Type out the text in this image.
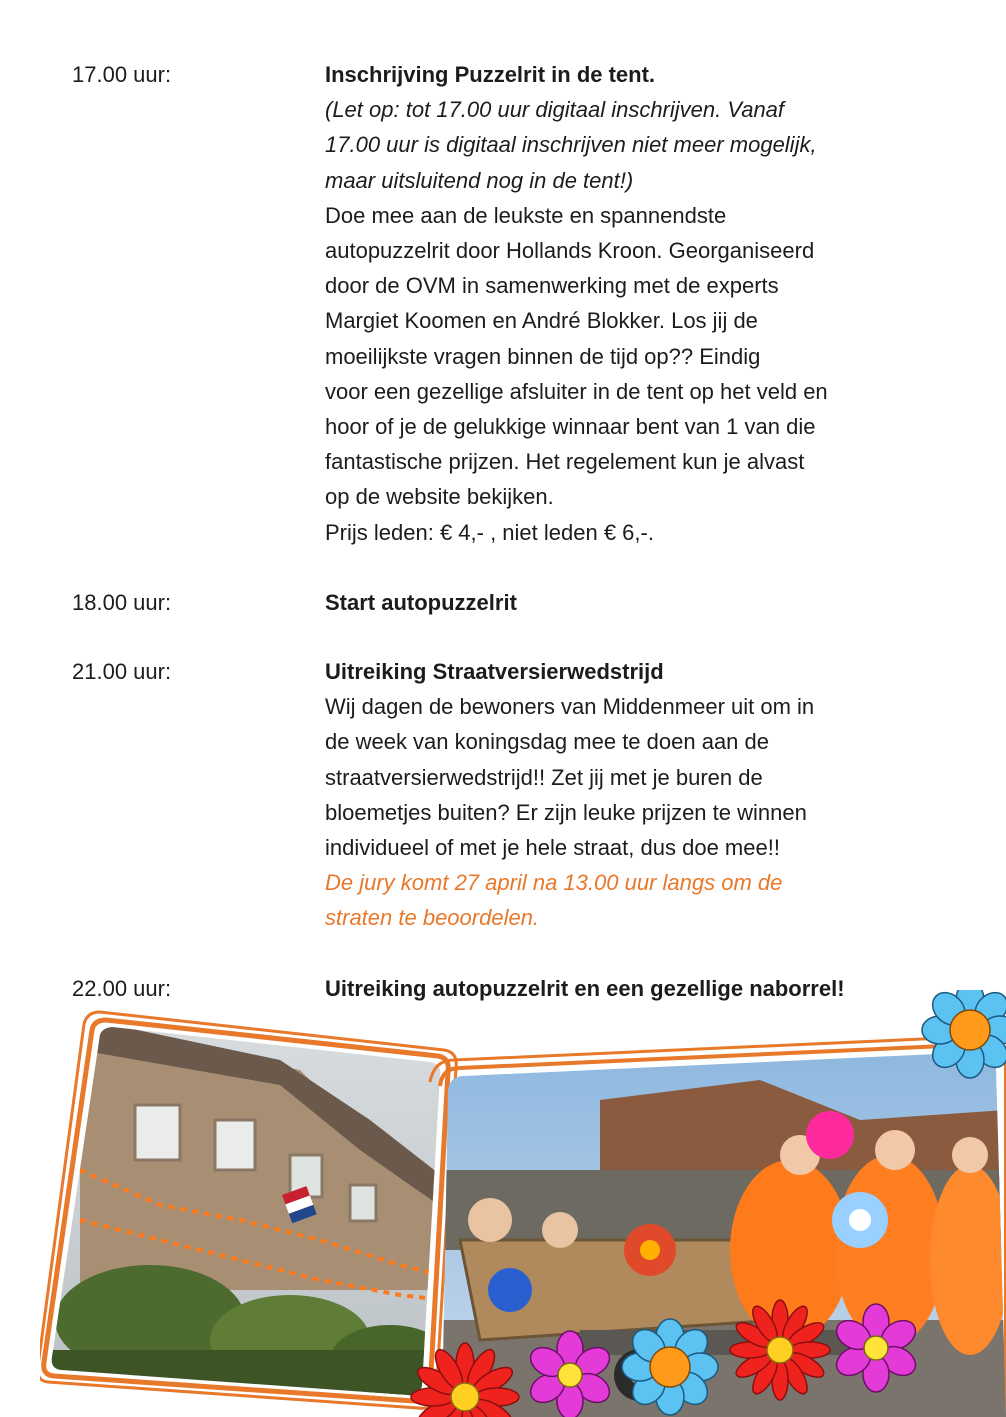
17.00 uur:	Inschrijving Puzzelrit in de tent.
(Let op: tot 17.00 uur digitaal inschrijven. Vanaf
17.00 uur is digitaal inschrijven niet meer mogelijk,
maar uitsluitend nog in de tent!)
Doe mee aan de leukste en spannendste
autopuzzelrit door Hollands Kroon. Georganiseerd
door de OVM in samenwerking met de experts
Margiet Koomen en André Blokker. Los jij de
moeilijkste vragen binnen de tijd op?? Eindig
voor een gezellige afsluiter in de tent op het veld en
hoor of je de gelukkige winnaar bent van 1 van die
fantastische prijzen. Het regelement kun je alvast
op de website bekijken.
Prijs leden: € 4,- , niet leden € 6,-.
18.00 uur:	Start autopuzzelrit
21.00 uur:	Uitreiking Straatversierwedstrijd
Wij dagen de bewoners van Middenmeer uit om in
de week van koningsdag mee te doen aan de
straatversierwedstrijd!! Zet jij met je buren de
bloemetjes buiten? Er zijn leuke prijzen te winnen
individueel of met je hele straat, dus doe mee!!
De jury komt 27 april na 13.00 uur langs om de
straten te beoordelen.
22.00 uur:	Uitreiking autopuzzelrit en een gezellige naborrel!
